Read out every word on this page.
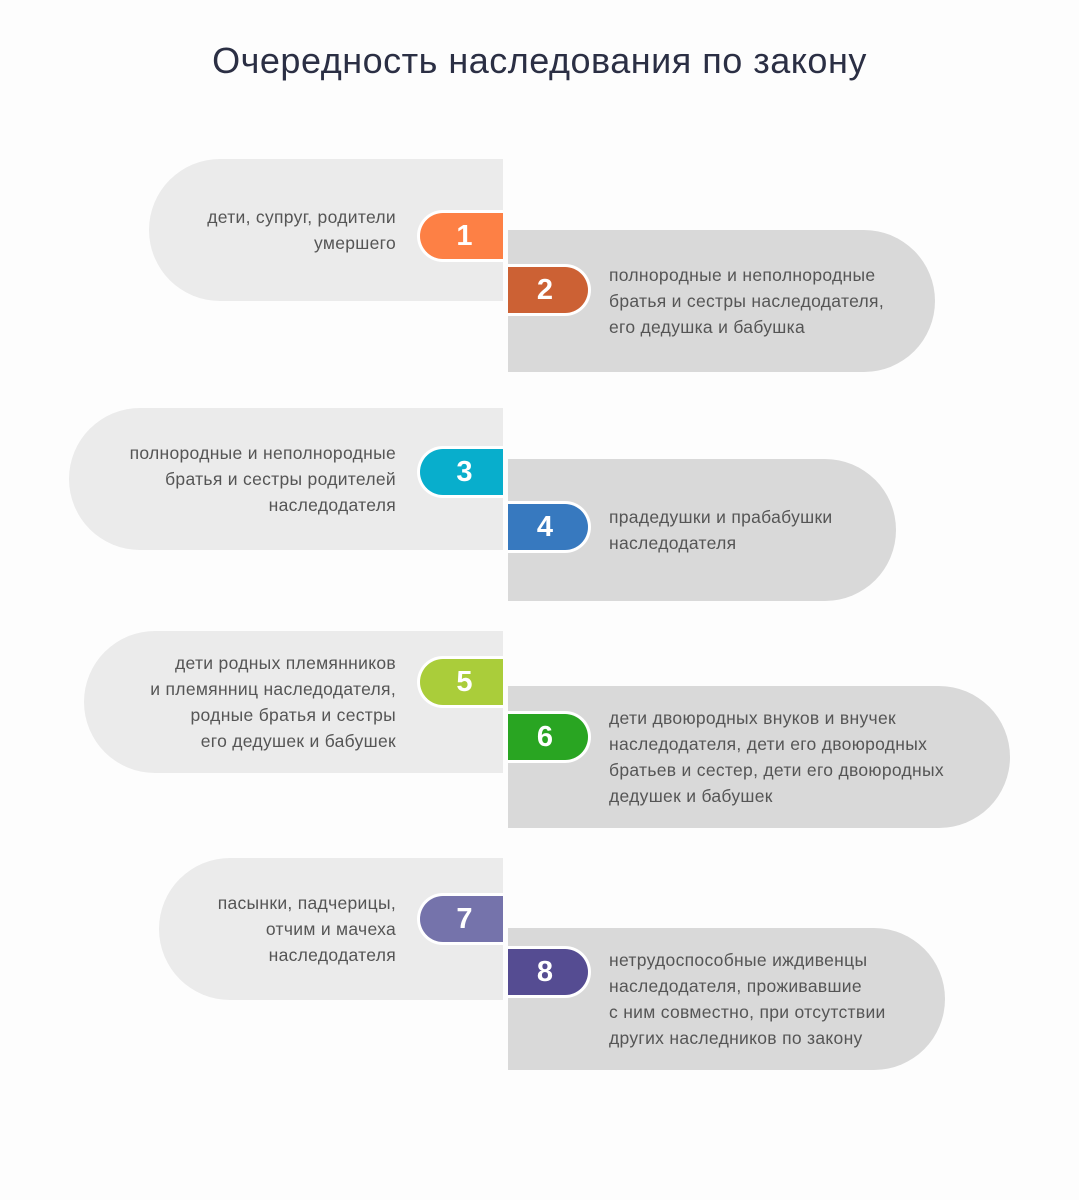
Очередность наследования по закону
дети, супруг, родители
умершего
полнородные и неполнородные
братья и сестры наследодателя,
его дедушка и бабушка
1
2
полнородные и неполнородные
братья и сестры родителей
наследодателя
прадедушки и прабабушки
наследодателя
3
4
дети родных племянников
и племянниц наследодателя,
родные братья и сестры
его дедушек и бабушек
дети двоюродных внуков и внучек
наследодателя, дети его двоюродных
братьев и сестер, дети его двоюродных
дедушек и бабушек
5
6
пасынки, падчерицы,
отчим и мачеха
наследодателя	нетрудоспособные иждивенцы
наследодателя, проживавшие
с ним совместно, при отсутствии
других наследников по закону
7
8
